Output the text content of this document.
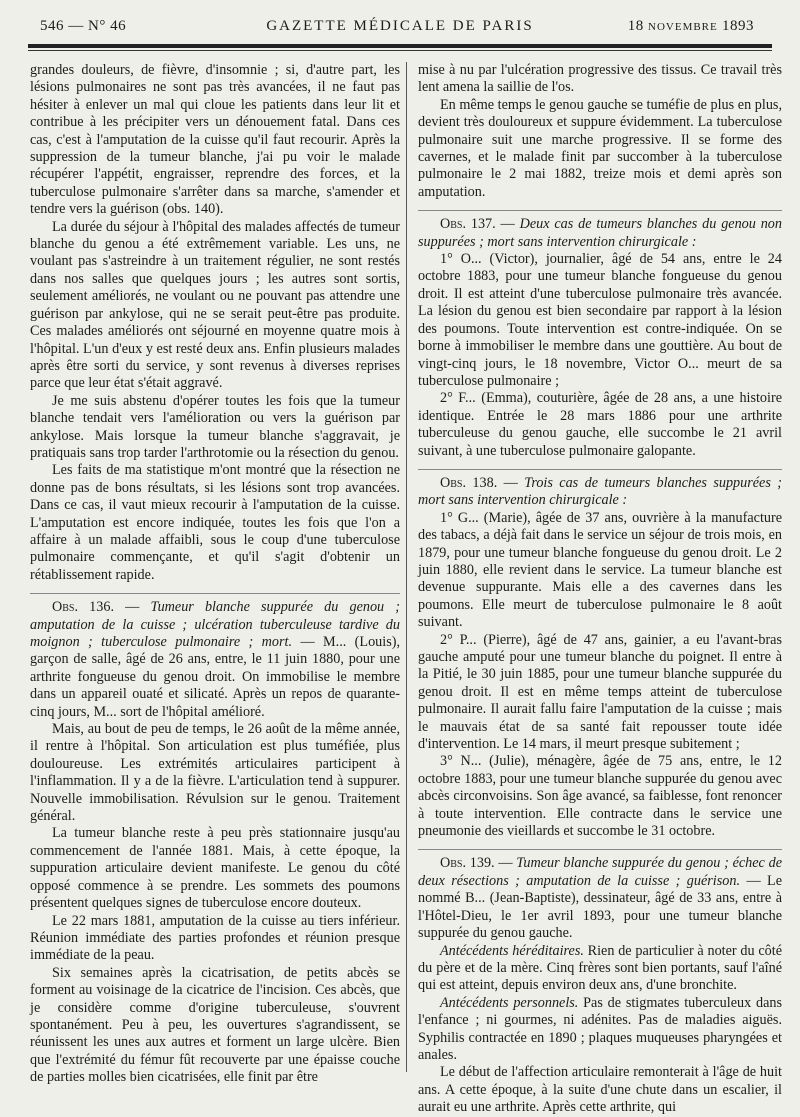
546 — N° 46	GAZETTE MÉDICALE DE PARIS	18 NOVEMBRE 1893

grandes douleurs, de fièvre, d'insomnie ; si, d'autre part, les lésions pulmonaires ne sont pas très avancées, il ne faut pas hésiter à enlever un mal qui cloue les patients dans leur lit et contribue à les précipiter vers un dénouement fatal. Dans ces cas, c'est à l'amputation de la cuisse qu'il faut recourir. Après la suppression de la tumeur blanche, j'ai pu voir le malade récupérer l'appétit, engraisser, reprendre des forces, et la tuberculose pulmonaire s'arrêter dans sa marche, s'amender et tendre vers la guérison (obs. 140).

La durée du séjour à l'hôpital des malades affectés de tumeur blanche du genou a été extrêmement variable. Les uns, ne voulant pas s'astreindre à un traitement régulier, ne sont restés dans nos salles que quelques jours ; les autres sont sortis, seulement améliorés, ne voulant ou ne pouvant pas attendre une guérison par ankylose, qui ne se serait peut-être pas produite. Ces malades améliorés ont séjourné en moyenne quatre mois à l'hôpital. L'un d'eux y est resté deux ans. Enfin plusieurs malades après être sorti du service, y sont revenus à diverses reprises parce que leur état s'était aggravé.

Je me suis abstenu d'opérer toutes les fois que la tumeur blanche tendait vers l'amélioration ou vers la guérison par ankylose. Mais lorsque la tumeur blanche s'aggravait, je pratiquais sans trop tarder l'arthrotomie ou la résection du genou.

Les faits de ma statistique m'ont montré que la résection ne donne pas de bons résultats, si les lésions sont trop avancées. Dans ce cas, il vaut mieux recourir à l'amputation de la cuisse. L'amputation est encore indiquée, toutes les fois que l'on a affaire à un malade affaibli, sous le coup d'une tuberculose pulmonaire commençante, et qu'il s'agit d'obtenir un rétablissement rapide.

Obs. 136. — Tumeur blanche suppurée du genou ; amputation de la cuisse ; ulcération tuberculeuse tardive du moignon ; tuberculose pulmonaire ; mort. — M... (Louis), garçon de salle, âgé de 26 ans, entre, le 11 juin 1880, pour une arthrite fongueuse du genou droit. On immobilise le membre dans un appareil ouaté et silicaté. Après un repos de quarante-cinq jours, M... sort de l'hôpital amélioré.

Mais, au bout de peu de temps, le 26 août de la même année, il rentre à l'hôpital. Son articulation est plus tuméfiée, plus douloureuse. Les extrémités articulaires participent à l'inflammation. Il y a de la fièvre. L'articulation tend à suppurer. Nouvelle immobilisation. Révulsion sur le genou. Traitement général.

La tumeur blanche reste à peu près stationnaire jusqu'au commencement de l'année 1881. Mais, à cette époque, la suppuration articulaire devient manifeste. Le genou du côté opposé commence à se prendre. Les sommets des poumons présentent quelques signes de tuberculose encore douteux.

Le 22 mars 1881, amputation de la cuisse au tiers inférieur. Réunion immédiate des parties profondes et réunion presque immédiate de la peau.

Six semaines après la cicatrisation, de petits abcès se forment au voisinage de la cicatrice de l'incision. Ces abcès, que je considère comme d'origine tuberculeuse, s'ouvrent spontanément. Peu à peu, les ouvertures s'agrandissent, se réunissent les unes aux autres et forment un large ulcère. Bien que l'extrémité du fémur fût recouverte par une épaisse couche de parties molles bien cicatrisées, elle finit par être

mise à nu par l'ulcération progressive des tissus. Ce travail très lent amena la saillie de l'os.

En même temps le genou gauche se tuméfie de plus en plus, devient très douloureux et suppure évidemment. La tuberculose pulmonaire suit une marche progressive. Il se forme des cavernes, et le malade finit par succomber à la tuberculose pulmonaire le 2 mai 1882, treize mois et demi après son amputation.

Obs. 137. — Deux cas de tumeurs blanches du genou non suppurées ; mort sans intervention chirurgicale :

1° O... (Victor), journalier, âgé de 54 ans, entre le 24 octobre 1883, pour une tumeur blanche fongueuse du genou droit. Il est atteint d'une tuberculose pulmonaire très avancée. La lésion du genou est bien secondaire par rapport à la lésion des poumons. Toute intervention est contre-indiquée. On se borne à immobiliser le membre dans une gouttière. Au bout de vingt-cinq jours, le 18 novembre, Victor O... meurt de sa tuberculose pulmonaire ;

2° F... (Emma), couturière, âgée de 28 ans, a une histoire identique. Entrée le 28 mars 1886 pour une arthrite tuberculeuse du genou gauche, elle succombe le 21 avril suivant, à une tuberculose pulmonaire galopante.

Obs. 138. — Trois cas de tumeurs blanches suppurées ; mort sans intervention chirurgicale :

1° G... (Marie), âgée de 37 ans, ouvrière à la manufacture des tabacs, a déjà fait dans le service un séjour de trois mois, en 1879, pour une tumeur blanche fongueuse du genou droit. Le 2 juin 1880, elle revient dans le service. La tumeur blanche est devenue suppurante. Mais elle a des cavernes dans les poumons. Elle meurt de tuberculose pulmonaire le 8 août suivant.

2° P... (Pierre), âgé de 47 ans, gainier, a eu l'avant-bras gauche amputé pour une tumeur blanche du poignet. Il entre à la Pitié, le 30 juin 1885, pour une tumeur blanche suppurée du genou droit. Il est en même temps atteint de tuberculose pulmonaire. Il aurait fallu faire l'amputation de la cuisse ; mais le mauvais état de sa santé fait repousser toute idée d'intervention. Le 14 mars, il meurt presque subitement ;

3° N... (Julie), ménagère, âgée de 75 ans, entre, le 12 octobre 1883, pour une tumeur blanche suppurée du genou avec abcès circonvoisins. Son âge avancé, sa faiblesse, font renoncer à toute intervention. Elle contracte dans le service une pneumonie des vieillards et succombe le 31 octobre.

Obs. 139. — Tumeur blanche suppurée du genou ; échec de deux résections ; amputation de la cuisse ; guérison. — Le nommé B... (Jean-Baptiste), dessinateur, âgé de 33 ans, entre à l'Hôtel-Dieu, le 1er avril 1893, pour une tumeur blanche suppurée du genou gauche.

Antécédents héréditaires. Rien de particulier à noter du côté du père et de la mère. Cinq frères sont bien portants, sauf l'aîné qui est atteint, depuis environ deux ans, d'une bronchite.

Antécédents personnels. Pas de stigmates tuberculeux dans l'enfance ; ni gourmes, ni adénites. Pas de maladies aiguës. Syphilis contractée en 1890 ; plaques muqueuses pharyngées et anales.

Le début de l'affection articulaire remonterait à l'âge de huit ans. A cette époque, à la suite d'une chute dans un escalier, il aurait eu une arthrite. Après cette arthrite, qui
